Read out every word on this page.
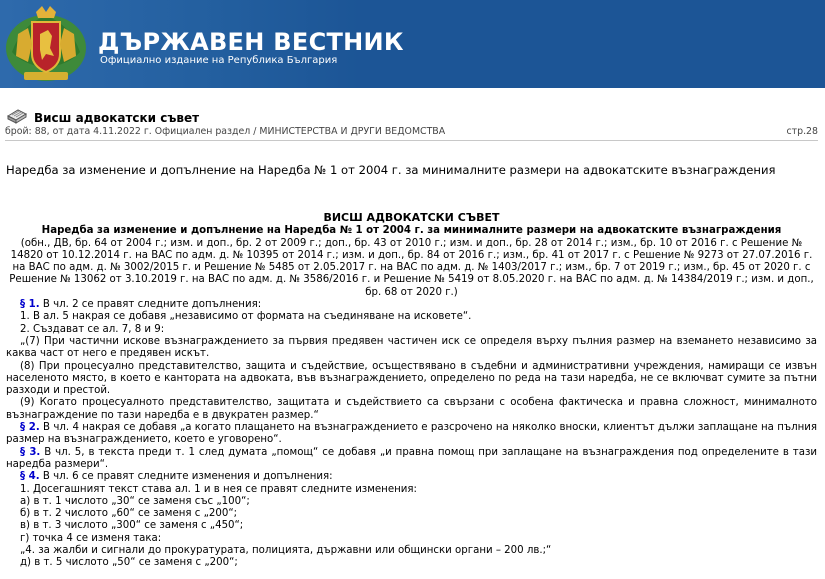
ДЪРЖАВЕН ВЕСТНИК
Официално издание на Република България
Висш адвокатски съвет
брой: 88, от дата 4.11.2022 г. Официален раздел / МИНИСТЕРСТВА И ДРУГИ ВЕДОМСТВА	стр.28
Наредба за изменение и допълнение на Наредба № 1 от 2004 г. за минималните размери на адвокатските възнаграждения

ВИСШ АДВОКАТСКИ СЪВЕТ

Наредба за изменение и допълнение на Наредба № 1 от 2004 г. за минималните размери на адвокатските възнаграждения

(обн., ДВ, бр. 64 от 2004 г.; изм. и доп., бр. 2 от 2009 г.; доп., бр. 43 от 2010 г.; изм. и доп., бр. 28 от 2014 г.; изм., бр. 10 от 2016 г. с Решение № 14820 от 10.12.2014 г. на ВАС по адм. д. № 10395 от 2014 г.; изм. и доп., бр. 84 от 2016 г.; изм., бр. 41 от 2017 г. с Решение № 9273 от 27.07.2016 г. на ВАС по адм. д. № 3002/2015 г. и Решение № 5485 от 2.05.2017 г. на ВАС по адм. д. № 1403/2017 г.; изм., бр. 7 от 2019 г.; изм., бр. 45 от 2020 г. с Решение № 13062 от 3.10.2019 г. на ВАС по адм. д. № 3586/2016 г. и Решение № 5419 от 8.05.2020 г. на ВАС по адм. д. № 14384/2019 г.; изм. и доп., бр. 68 от 2020 г.)

§ 1. В чл. 2 се правят следните допълнения:

1. В ал. 5 накрая се добавя „независимо от формата на съединяване на исковете“.

2. Създават се ал. 7, 8 и 9:

„(7) При частични искове възнаграждението за първия предявен частичен иск се определя върху пълния размер на вземането независимо за каква част от него е предявен искът.

(8) При процесуално представителство, защита и съдействие, осъществявано в съдебни и административни учреждения, намиращи се извън населеното място, в което е кантората на адвоката, във възнаграждението, определено по реда на тази наредба, не се включват сумите за пътни разходи и престой.

(9) Когато процесуалното представителство, защитата и съдействието са свързани с особена фактическа и правна сложност, минималното възнаграждение по тази наредба е в двукратен размер.“

§ 2. В чл. 4 накрая се добавя „а когато плащането на възнаграждението е разсрочено на няколко вноски, клиентът дължи заплащане на пълния размер на възнаграждението, което е уговорено“.

§ 3. В чл. 5, в текста преди т. 1 след думата „помощ“ се добавя „и правна помощ при заплащане на възнаграждения под определените в тази наредба размери“.

§ 4. В чл. 6 се правят следните изменения и допълнения:

1. Досегашният текст става ал. 1 и в нея се правят следните изменения:

а) в т. 1 числото „30“ се заменя със „100“;

б) в т. 2 числото „60“ се заменя с „200“;

в) в т. 3 числото „300“ се заменя с „450“;

г) точка 4 се изменя така:

„4. за жалби и сигнали до прокуратурата, полицията, държавни или общински органи – 200 лв.;“

д) в т. 5 числото „50“ се заменя с „200“;
